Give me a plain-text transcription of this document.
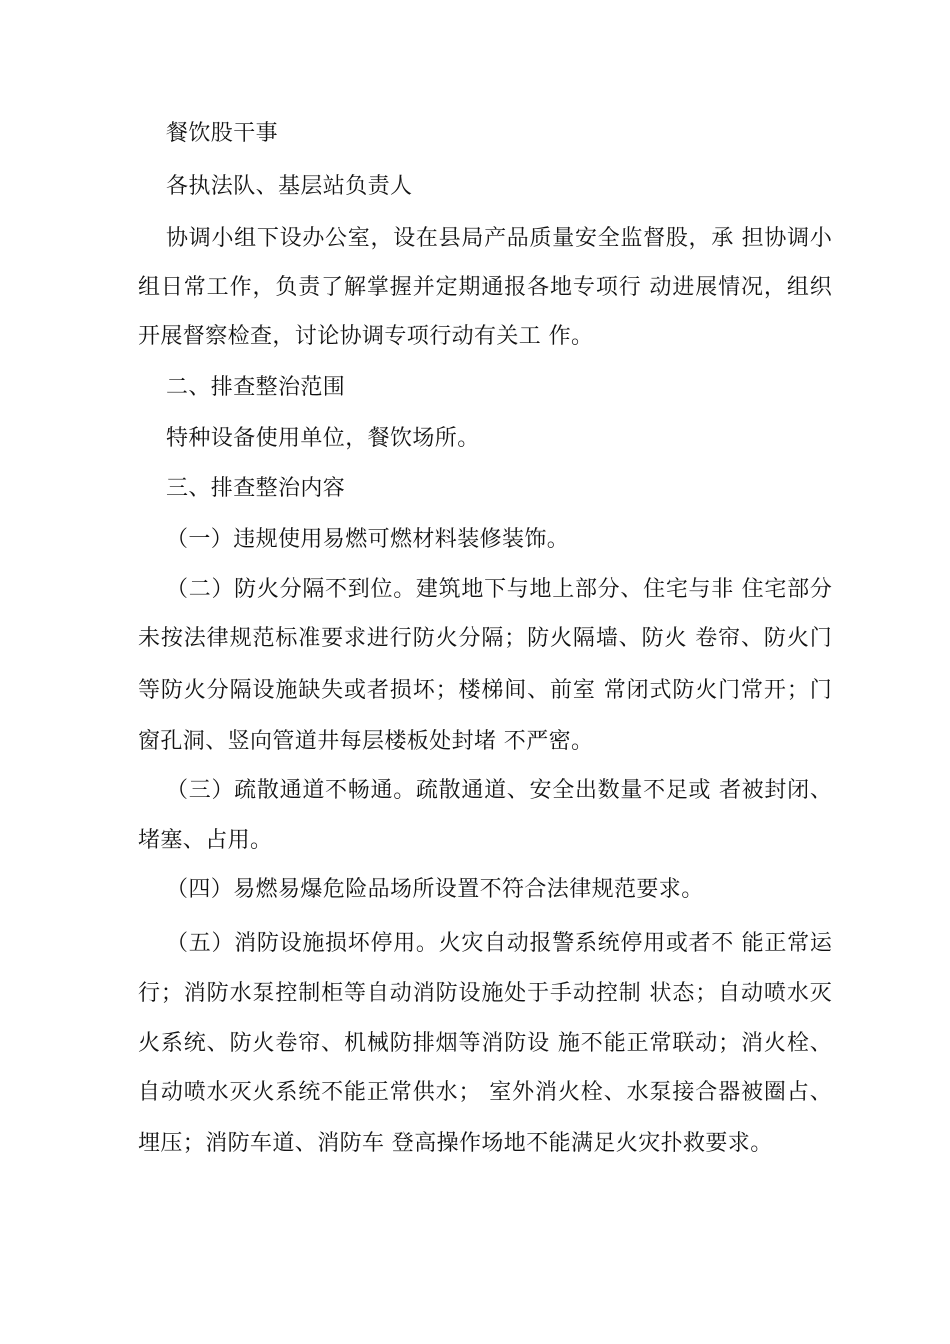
餐饮股干事
各执法队、基层站负责人
协 调 小 组 下 设 办 公 室 ， 设 在 县 局 产 品 质 量 安 全 监 督 股 ， 承
担 协 调 小
组 日 常 工 作 ， 负 责 了 解 掌 握 并 定 期 通 报 各 地 专 项 行
动 进 展 情 况 ， 组 织
开展督察检查，讨论协调专项行动有关工 作。
二、排查整治范围
特种设备使用单位，餐饮场所。
三、排查整治内容
（一）违规使用易燃可燃材料装修装饰。
（ 二 ） 防 火 分 隔 不 到 位 。 建 筑 地 下 与 地 上 部 分 、 住 宅 与 非
住 宅 部 分
未 按 法 律 规 范 标 准 要 求 进 行 防 火 分 隔 ； 防 火 隔 墙 、 防 火
卷 帘 、 防 火 门
等 防 火 分 隔 设 施 缺 失 或 者 损 坏 ； 楼 梯 间 、 前 室
常 闭 式 防 火 门 常 开 ； 门
窗孔洞、竖向管道井每层楼板处封堵 不严密。
（ 三 ） 疏 散 通 道 不 畅 通 。 疏 散 通 道 、 安 全 出 数 量 不 足 或
者 被 封 闭 、
堵塞、占用。
（四）易燃易爆危险品场所设置不符合法律规范要求。
（ 五 ） 消 防 设 施 损 坏 停 用 。 火 灾 自 动 报 警 系 统 停 用 或 者 不
能 正 常 运
行 ； 消 防 水 泵 控 制 柜 等 自 动 消 防 设 施 处 于 手 动 控 制
状 态 ； 自 动 喷 水 灭
火 系 统 、 防 火 卷 帘 、 机 械 防 排 烟 等 消 防 设
施 不 能 正 常 联 动 ； 消 火 栓 、
自 动 喷 水 灭 火 系 统 不 能 正 常 供 水 ；
室 外 消 火 栓 、 水 泵 接 合 器 被 圈 占 、
埋压；消防车道、消防车 登高操作场地不能满足火灾扑救要求。
